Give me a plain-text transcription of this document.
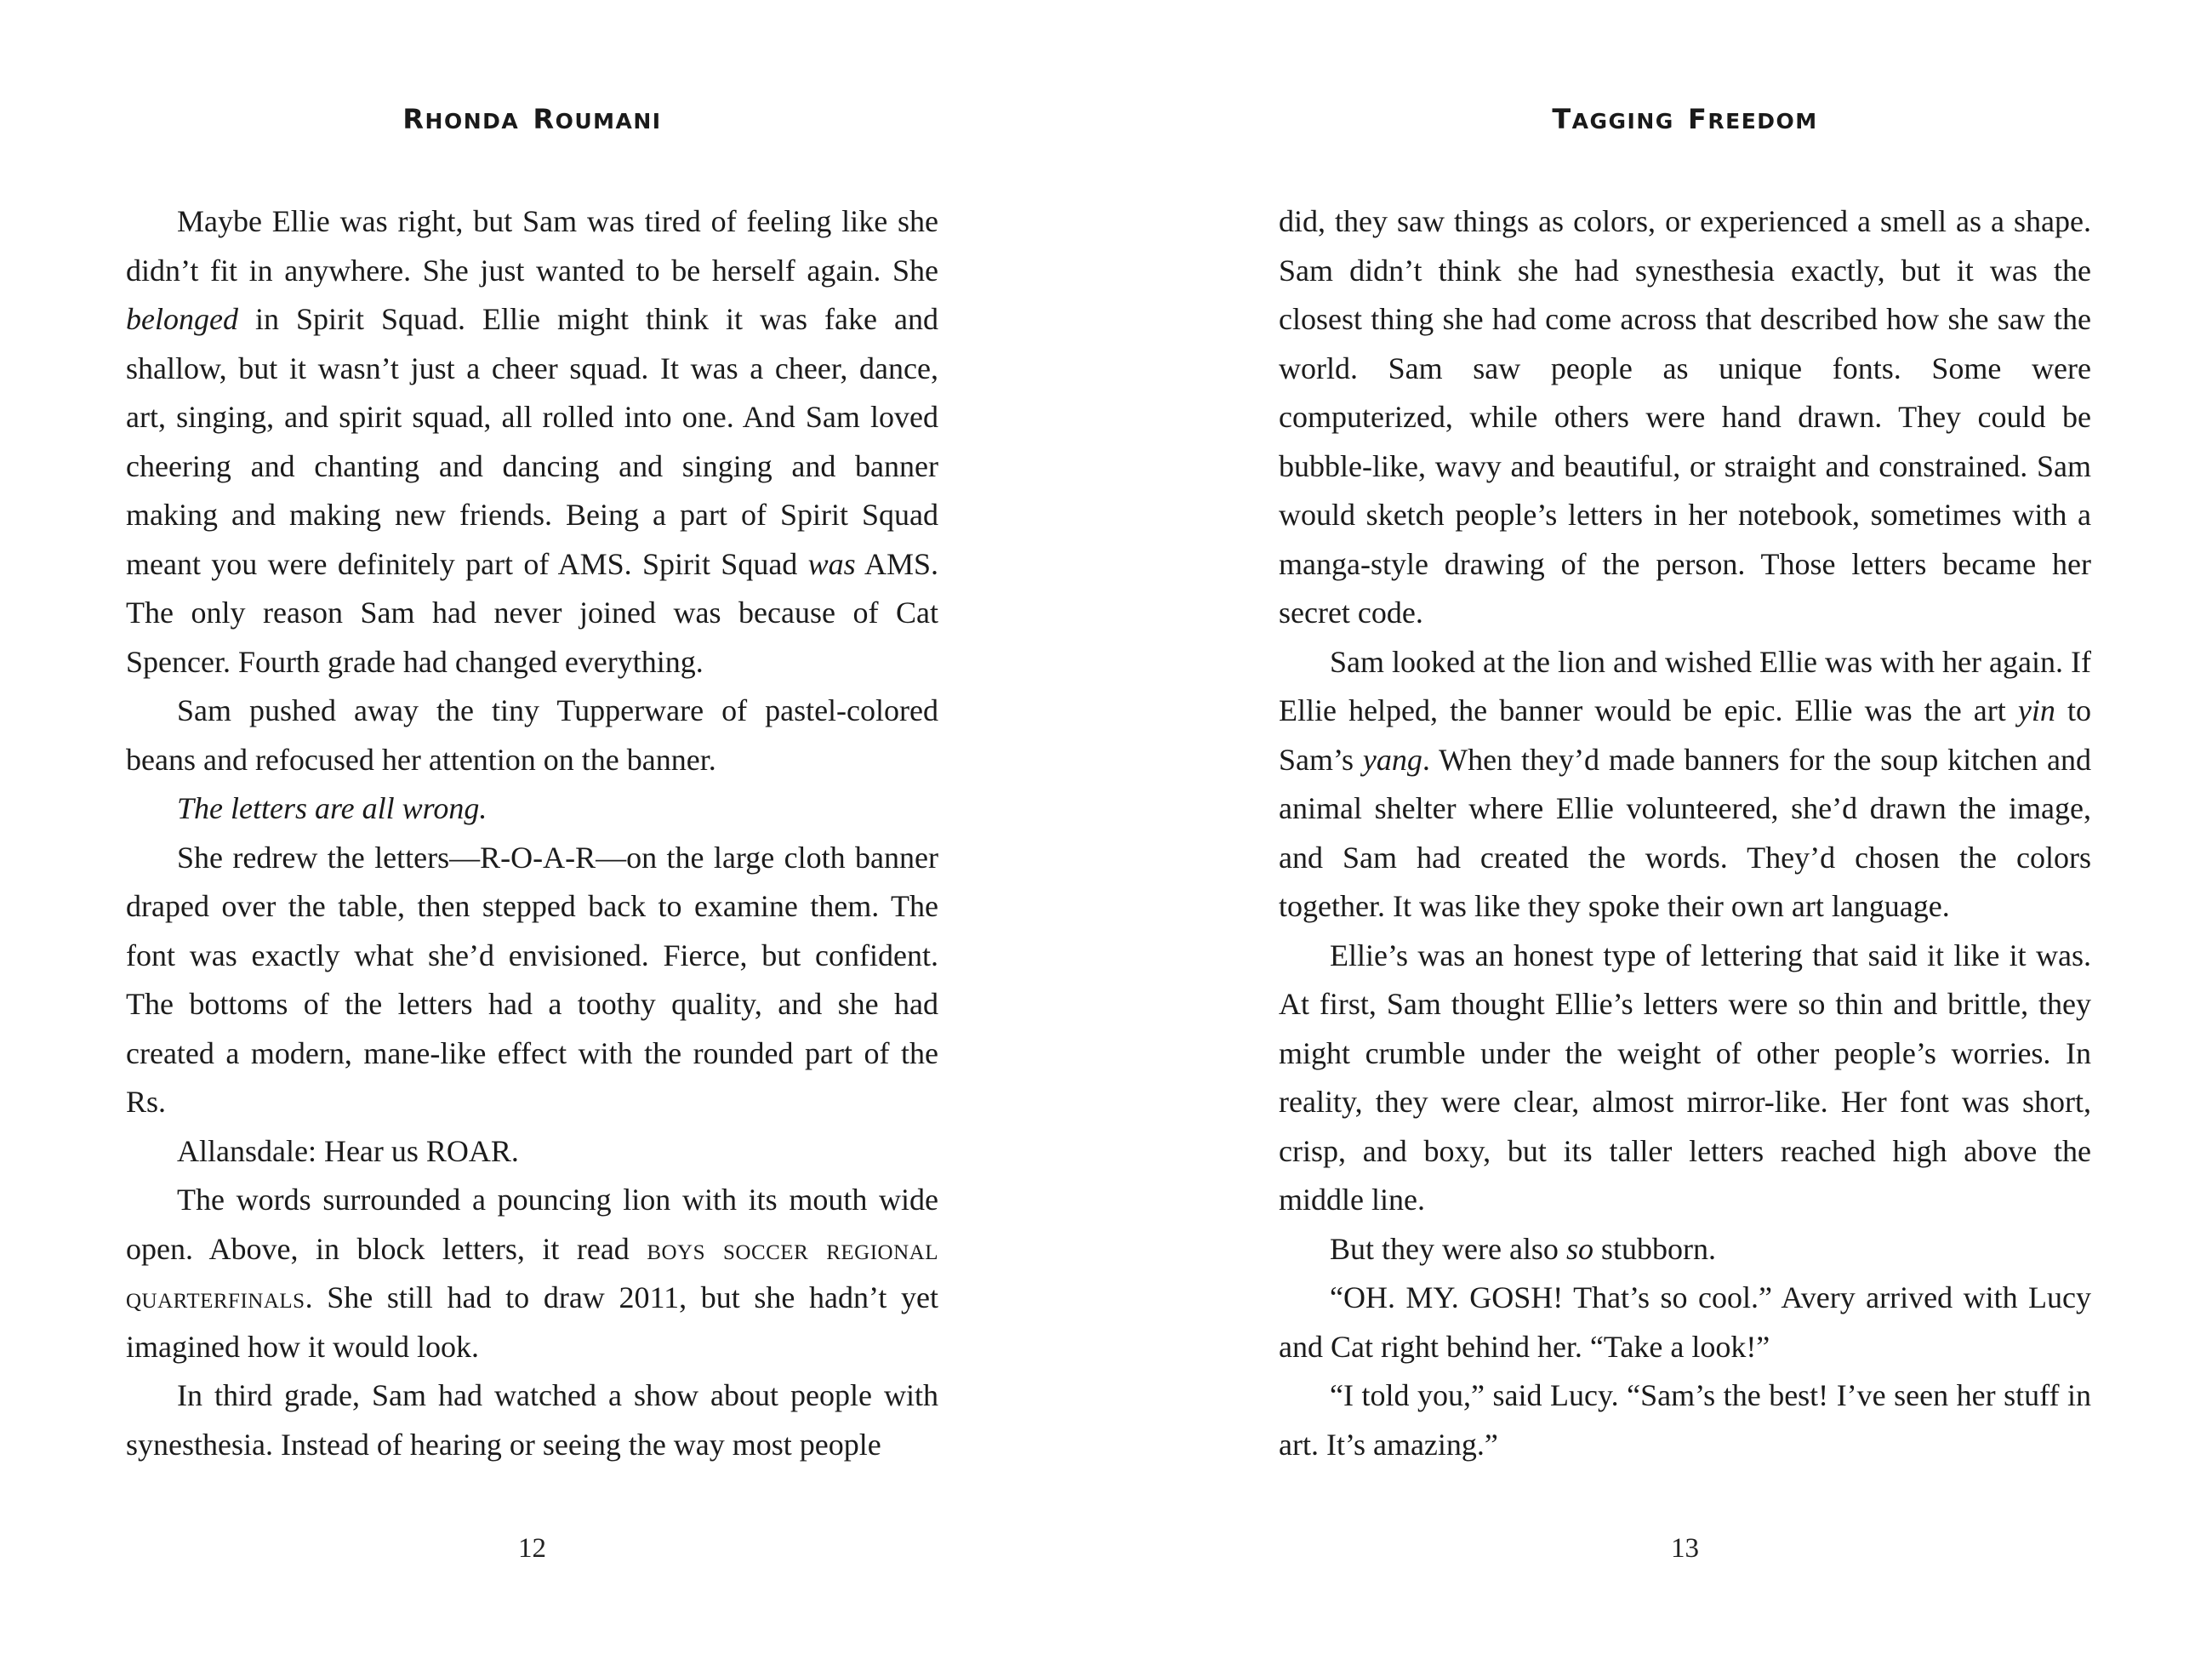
RHONDA ROUMANI

Maybe Ellie was right, but Sam was tired of feeling like she didn’t fit in anywhere. She just wanted to be herself again. She belonged in Spirit Squad. Ellie might think it was fake and shallow, but it wasn’t just a cheer squad. It was a cheer, dance, art, singing, and spirit squad, all rolled into one. And Sam loved cheering and chanting and dancing and singing and banner making and making new friends. Being a part of Spirit Squad meant you were definitely part of AMS. Spirit Squad was AMS. The only reason Sam had never joined was because of Cat Spencer. Fourth grade had changed everything.

Sam pushed away the tiny Tupperware of pastel-colored beans and refocused her attention on the banner.

The letters are all wrong.

She redrew the letters—R-O-A-R—on the large cloth banner draped over the table, then stepped back to examine them. The font was exactly what she’d envisioned. Fierce, but confident. The bottoms of the letters had a toothy quality, and she had created a modern, mane-like effect with the rounded part of the Rs.

Allansdale: Hear us ROAR.

The words surrounded a pouncing lion with its mouth wide open. Above, in block letters, it read boys soccer regional quarterfinals. She still had to draw 2011, but she hadn’t yet imagined how it would look.

In third grade, Sam had watched a show about people with synesthesia. Instead of hearing or seeing the way most people

12
TAGGING FREEDOM

did, they saw things as colors, or experienced a smell as a shape. Sam didn’t think she had synesthesia exactly, but it was the closest thing she had come across that described how she saw the world. Sam saw people as unique fonts. Some were computerized, while others were hand drawn. They could be bubble-like, wavy and beautiful, or straight and constrained. Sam would sketch people’s letters in her notebook, sometimes with a manga-style drawing of the person. Those letters became her secret code.

Sam looked at the lion and wished Ellie was with her again. If Ellie helped, the banner would be epic. Ellie was the art yin to Sam’s yang. When they’d made banners for the soup kitchen and animal shelter where Ellie volunteered, she’d drawn the image, and Sam had created the words. They’d chosen the colors together. It was like they spoke their own art language.

Ellie’s was an honest type of lettering that said it like it was. At first, Sam thought Ellie’s letters were so thin and brittle, they might crumble under the weight of other people’s worries. In reality, they were clear, almost mirror-like. Her font was short, crisp, and boxy, but its taller letters reached high above the middle line.

But they were also so stubborn.

“OH. MY. GOSH! That’s so cool.” Avery arrived with Lucy and Cat right behind her. “Take a look!”

“I told you,” said Lucy. “Sam’s the best! I’ve seen her stuff in art. It’s amazing.”

13
